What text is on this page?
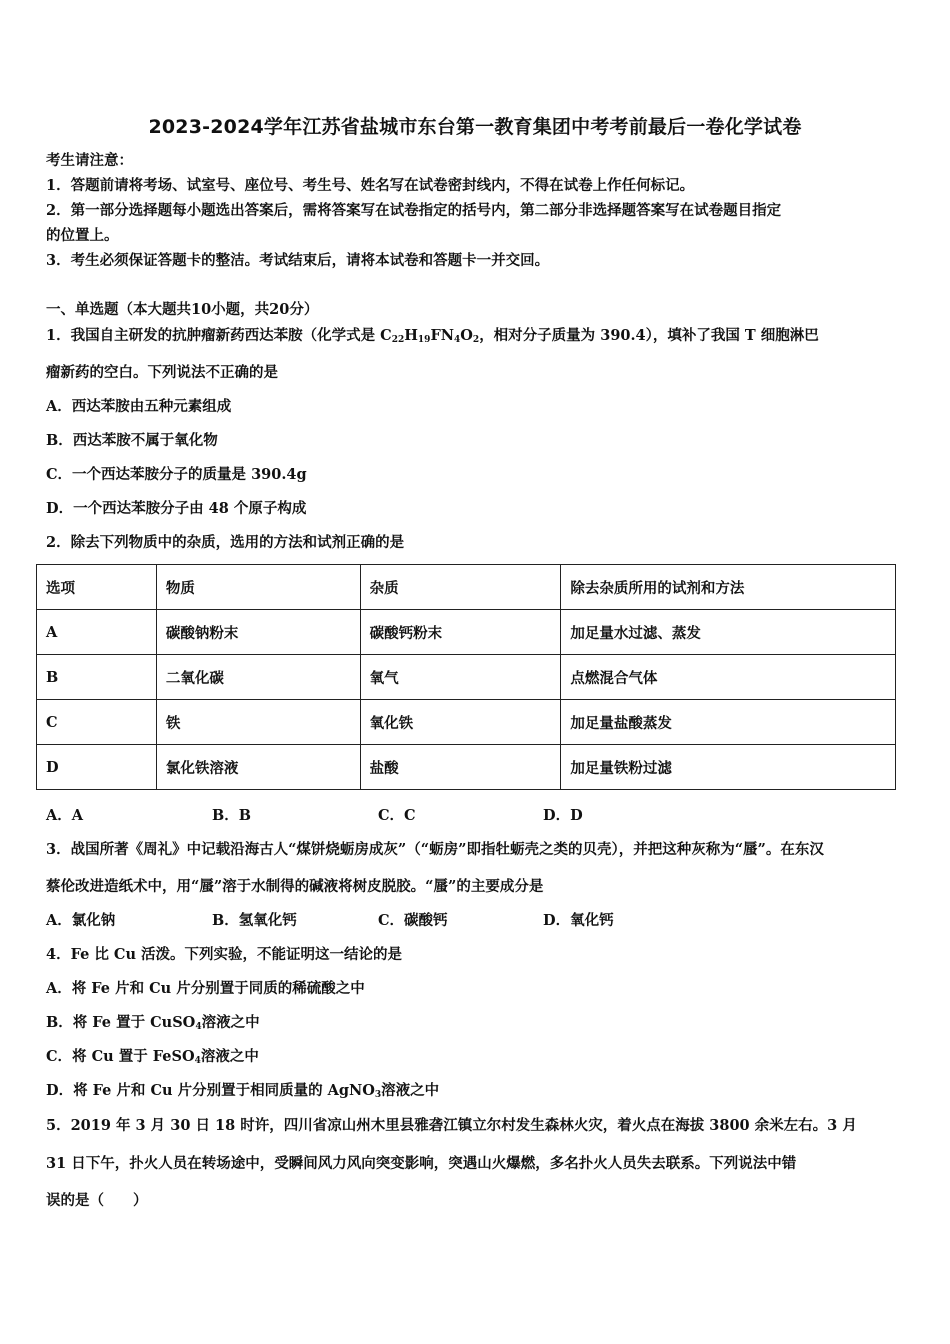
2023-2024学年江苏省盐城市东台第一教育集团中考考前最后一卷化学试卷
考生请注意：
1．答题前请将考场、试室号、座位号、考生号、姓名写在试卷密封线内，不得在试卷上作任何标记。
2．第一部分选择题每小题选出答案后，需将答案写在试卷指定的括号内，第二部分非选择题答案写在试卷题目指定
的位置上。
3．考生必须保证答题卡的整洁。考试结束后，请将本试卷和答题卡一并交回。
一、单选题（本大题共10小题，共20分）
1．我国自主研发的抗肿瘤新药西达苯胺（化学式是 $C_{22}H_{19}FN_4O_2$，相对分子质量为 390.4），填补了我国 T 细胞淋巴
瘤新药的空白。下列说法不正确的是
A．西达苯胺由五种元素组成
B．西达苯胺不属于氧化物
C．一个西达苯胺分子的质量是 390.4g
D．一个西达苯胺分子由 48 个原子构成
2．除去下列物质中的杂质，选用的方法和试剂正确的是
选项	物质	杂质	除去杂质所用的试剂和方法
A	碳酸钠粉末	碳酸钙粉末	加足量水过滤、蒸发
B	二氧化碳	氧气	点燃混合气体
C	铁	氧化铁	加足量盐酸蒸发
D	氯化铁溶液	盐酸	加足量铁粉过滤
A．A	B．B	C．C	D．D
3．战国所著《周礼》中记载沿海古人“煤饼烧蛎房成灰”（“蛎房”即指牡蛎壳之类的贝壳），并把这种灰称为“蜃”。在东汉
蔡伦改进造纸术中，用“蜃”溶于水制得的碱液将树皮脱胶。“蜃”的主要成分是
A．氯化钠	B．氢氧化钙	C．碳酸钙	D．氧化钙
4．Fe 比 Cu 活泼。下列实验，不能证明这一结论的是
A．将 Fe 片和 Cu 片分别置于同质的稀硫酸之中
B．将 Fe 置于 CuSO$_4$溶液之中
C．将 Cu 置于 FeSO$_4$溶液之中
D．将 Fe 片和 Cu 片分别置于相同质量的 AgNO$_3$溶液之中
5．2019 年 3 月 30 日 18 时许，四川省凉山州木里县雅砻江镇立尔村发生森林火灾，着火点在海拔 3800 余米左右。3 月
31 日下午，扑火人员在转场途中，受瞬间风力风向突变影响，突遇山火爆燃，多名扑火人员失去联系。下列说法中错
误的是（　　）
